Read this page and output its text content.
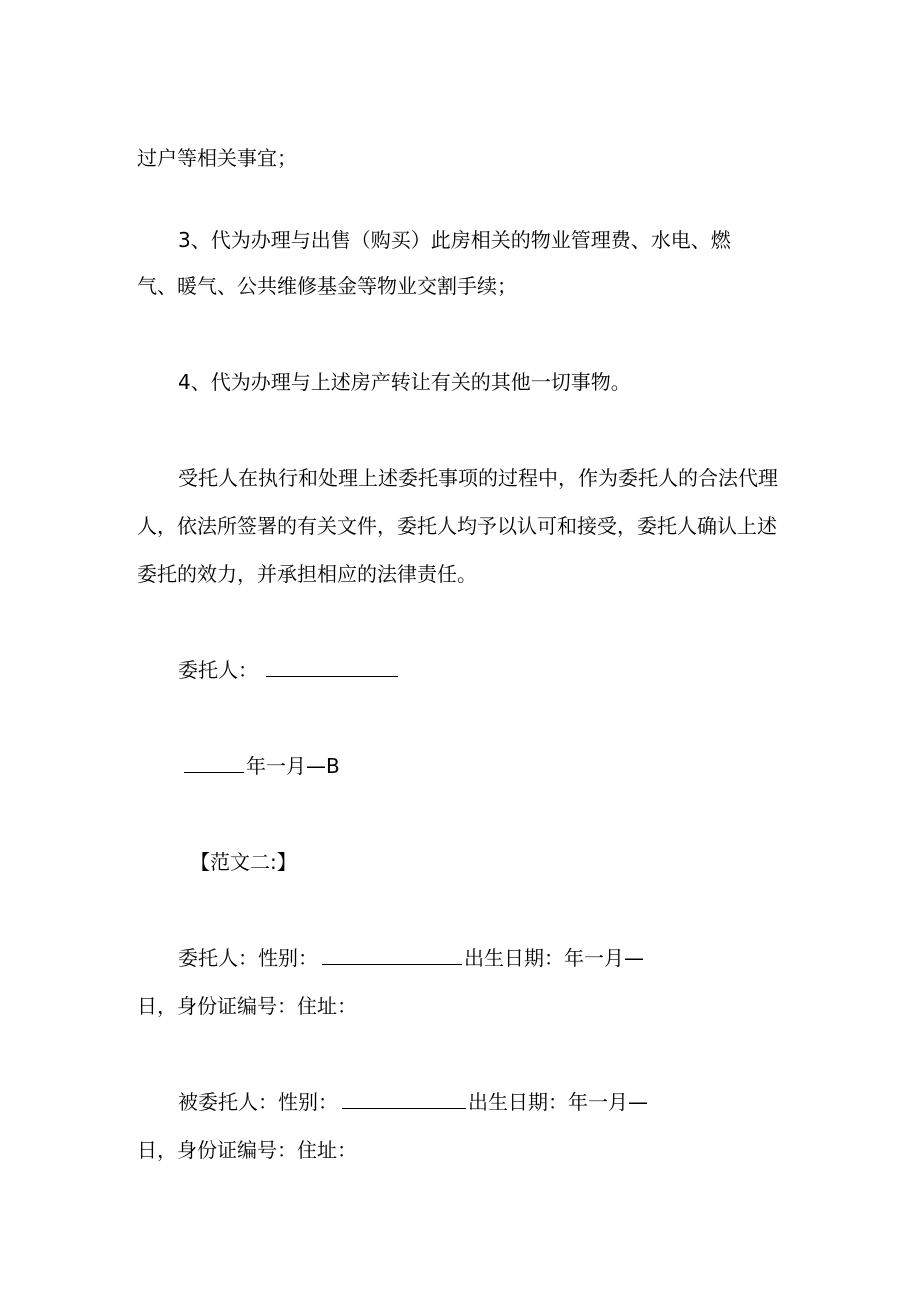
过户等相关事宜；
3、代为办理与出售（购买）此房相关的物业管理费、水电、燃
气、暖气、公共维修基金等物业交割手续；
4、代为办理与上述房产转让有关的其他一切事物。
受托人在执行和处理上述委托事项的过程中，作为委托人的合法代理
人，依法所签署的有关文件，委托人均予以认可和接受，委托人确认上述
委托的效力，并承担相应的法律责任。
委托人：
年一月—B
【范文二:】
委托人：性别：	出生日期：年一月—
日，身份证编号：住址：
被委托人：性别：	出生日期：年一月—
日，身份证编号：住址：
